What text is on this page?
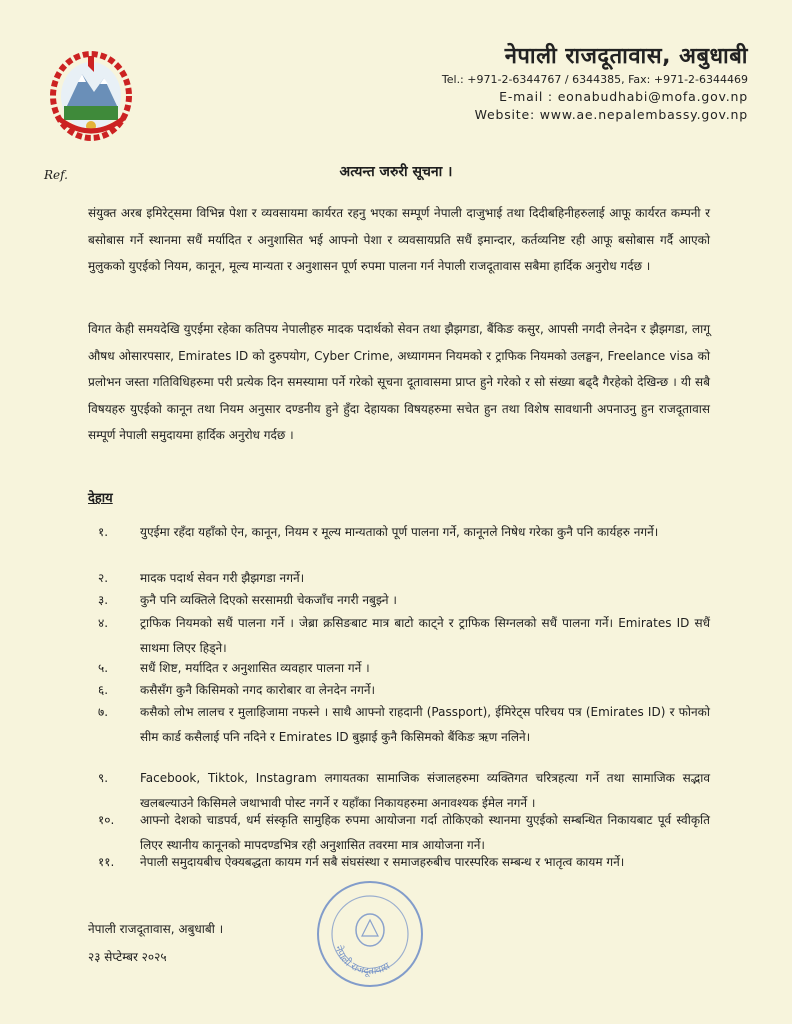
नेपाली राजदूतावास, अबुधाबी
Tel.: +971-2-6344767 / 6344385, Fax: +971-2-6344469
E-mail : eonabudhabi@mofa.gov.np
Website: www.ae.nepalembassy.gov.np
Ref.	अत्यन्त जरुरी सूचना ।
संयुक्त अरब इमिरेट्समा विभिन्न पेशा र व्यवसायमा कार्यरत रहनु भएका सम्पूर्ण नेपाली दाजुभाई तथा दिदीबहिनीहरुलाई आफू कार्यरत कम्पनी र बसोबास गर्ने स्थानमा सधैं मर्यादित र अनुशासित भई आफ्नो पेशा र व्यवसायप्रति सधैं इमान्दार, कर्तव्यनिष्ट रही आफू बसोबास गर्दै आएको मुलुकको युएईको नियम, कानून, मूल्य मान्यता र अनुशासन पूर्ण रुपमा पालना गर्न नेपाली राजदूतावास सबैमा हार्दिक अनुरोध गर्दछ ।
विगत केही समयदेखि युएईमा रहेका कतिपय नेपालीहरु मादक पदार्थको सेवन तथा झैझगडा, बैंकिङ कसुर, आपसी नगदी लेनदेन र झैझगडा, लागू औषध ओसारपसार, Emirates ID को दुरुपयोग, Cyber Crime, अध्यागमन नियमको र ट्राफिक नियमको उलङ्घन, Freelance visa को प्रलोभन जस्ता गतिविधिहरुमा परी प्रत्येक दिन समस्यामा पर्ने गरेको सूचना दूतावासमा प्राप्त हुने गरेको र सो संख्या बढ्दै गैरहेको देखिन्छ । यी सबै विषयहरु युएईको कानून तथा नियम अनुसार दण्डनीय हुने हुँदा देहायका विषयहरुमा सचेत हुन तथा विशेष सावधानी अपनाउनु हुन राजदूतावास सम्पूर्ण नेपाली समुदायमा हार्दिक अनुरोध गर्दछ ।
देहाय
१.	युएईमा रहँदा यहाँको ऐन, कानून, नियम र मूल्य मान्यताको पूर्ण पालना गर्ने, कानूनले निषेध गरेका कुनै पनि कार्यहरु नगर्ने।
२.	मादक पदार्थ सेवन गरी झैझगडा नगर्ने।
३.	कुनै पनि व्यक्तिले दिएको सरसामग्री चेकजाँच नगरी नबुझ्ने ।
४.	ट्राफिक नियमको सधैं पालना गर्ने । जेब्रा क्रसिङबाट मात्र बाटो काट्ने र ट्राफिक सिग्नलको सधैं पालना गर्ने। Emirates ID सधैं साथमा लिएर हिड्ने।
५.	सधैं शिष्ट, मर्यादित र अनुशासित व्यवहार पालना गर्ने ।
६.	कसैसँग कुनै किसिमको नगद कारोबार वा लेनदेन नगर्ने।
७.	कसैको लोभ लालच र मुलाहिजामा नफस्ने । साथै आफ्नो राहदानी (Passport), ईमिरेट्स परिचय पत्र (Emirates ID) र फोनको सीम कार्ड कसैलाई पनि नदिने र Emirates ID बुझाई कुनै किसिमको बैंकिङ ऋण नलिने।
९.	Facebook, Tiktok, Instagram लगायतका सामाजिक संजालहरुमा व्यक्तिगत चरित्रहत्या गर्ने तथा सामाजिक सद्भाव खलबल्याउने किसिमले जथाभावी पोस्ट नगर्ने र यहाँका निकायहरुमा अनावश्यक ईमेल नगर्ने ।
१०.	आफ्नो देशको चाडपर्व, धर्म संस्कृति सामुहिक रुपमा आयोजना गर्दा तोकिएको स्थानमा युएईको सम्बन्धित निकायबाट पूर्व स्वीकृति लिएर स्थानीय कानूनको मापदण्डभित्र रही अनुशासित तवरमा मात्र आयोजना गर्ने।
११.	नेपाली समुदायबीच ऐक्यबद्धता कायम गर्न सबै संघसंस्था र समाजहरुबीच पारस्परिक सम्बन्ध र भातृत्व कायम गर्ने।
नेपाली राजदूतावास, अबुधाबी ।
२३ सेप्टेम्बर २०२५
नेपाली राजदूतावास
